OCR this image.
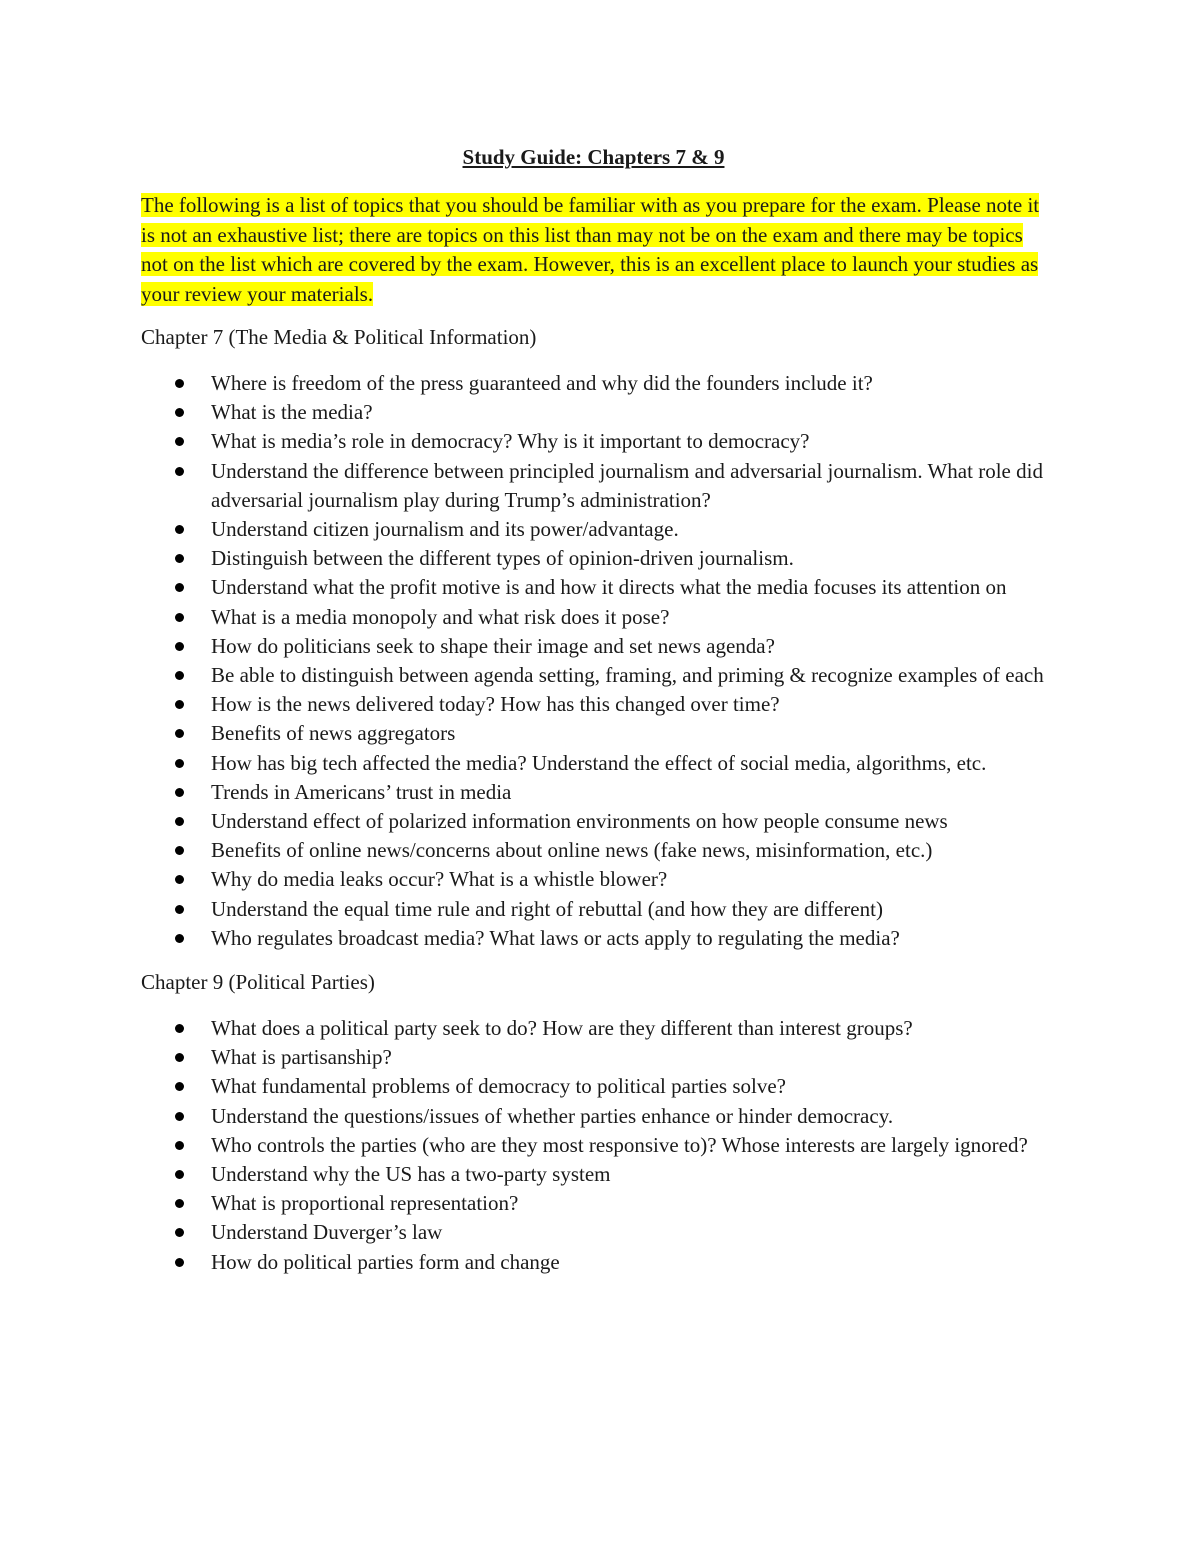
Study Guide: Chapters 7 & 9

The following is a list of topics that you should be familiar with as you prepare for the exam. Please note it is not an exhaustive list; there are topics on this list than may not be on the exam and there may be topics not on the list which are covered by the exam. However, this is an excellent place to launch your studies as your review your materials.

Chapter 7 (The Media & Political Information)

Where is freedom of the press guaranteed and why did the founders include it?
What is the media?
What is media’s role in democracy? Why is it important to democracy?
Understand the difference between principled journalism and adversarial journalism. What role did adversarial journalism play during Trump’s administration?
Understand citizen journalism and its power/advantage.
Distinguish between the different types of opinion-driven journalism.
Understand what the profit motive is and how it directs what the media focuses its attention on
What is a media monopoly and what risk does it pose?
How do politicians seek to shape their image and set news agenda?
Be able to distinguish between agenda setting, framing, and priming & recognize examples of each
How is the news delivered today? How has this changed over time?
Benefits of news aggregators
How has big tech affected the media? Understand the effect of social media, algorithms, etc.
Trends in Americans’ trust in media
Understand effect of polarized information environments on how people consume news
Benefits of online news/concerns about online news (fake news, misinformation, etc.)
Why do media leaks occur? What is a whistle blower?
Understand the equal time rule and right of rebuttal (and how they are different)
Who regulates broadcast media? What laws or acts apply to regulating the media?

Chapter 9 (Political Parties)

What does a political party seek to do? How are they different than interest groups?
What is partisanship?
What fundamental problems of democracy to political parties solve?
Understand the questions/issues of whether parties enhance or hinder democracy.
Who controls the parties (who are they most responsive to)? Whose interests are largely ignored?
Understand why the US has a two-party system
What is proportional representation?
Understand Duverger’s law
How do political parties form and change
